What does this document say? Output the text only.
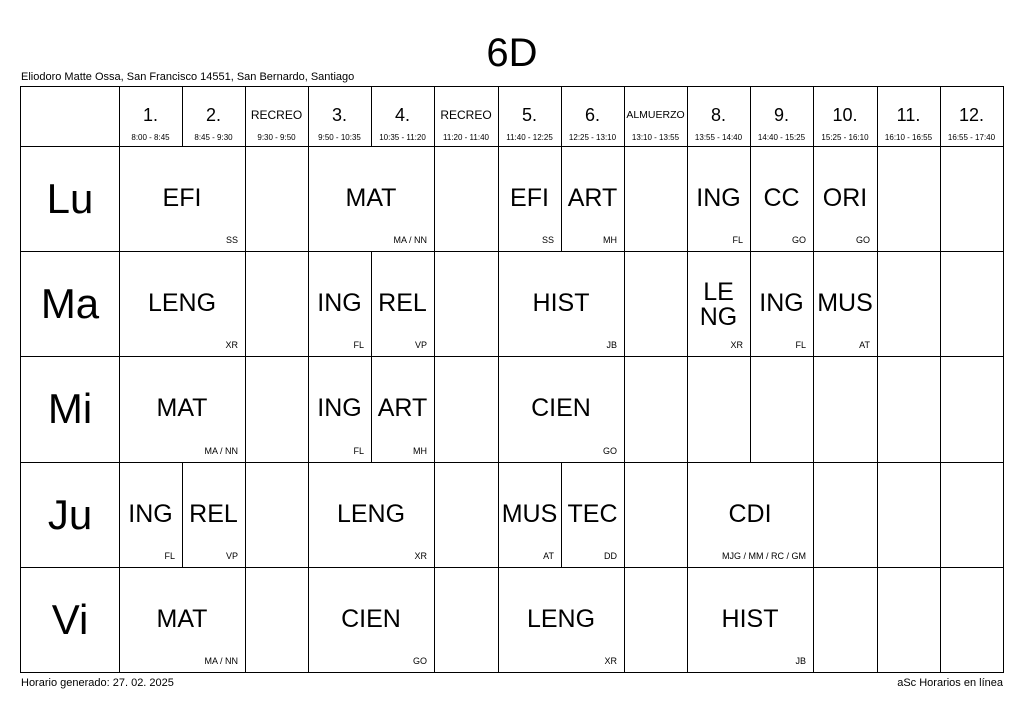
6D
Eliodoro Matte Ossa, San Francisco 14551, San Bernardo, Santiago
1.
8:00 - 8:45
2.
8:45 - 9:30
RECREO
9:30 - 9:50
3.
9:50 - 10:35
4.
10:35 - 11:20
RECREO
11:20 - 11:40
5.
11:40 - 12:25
6.
12:25 - 13:10
ALMUERZO
13:10 - 13:55
8.
13:55 - 14:40
9.
14:40 - 15:25
10.
15:25 - 16:10
11.
16:10 - 16:55
12.
16:55 - 17:40
Lu
Ma
Mi
Ju
Vi
EFI
SS
MAT
MA / NN
EFI
SS
ART
MH
ING
FL
CC
GO
ORI
GO
LENG
XR
ING
FL
REL
VP
HIST
JB
LENG
XR
ING
FL
MUS
AT
MAT
MA / NN
ING
FL
ART
MH
CIEN
GO
ING
FL
REL
VP
LENG
XR
MUS
AT
TEC
DD
CDI
MJG / MM / RC / GM
MAT
MA / NN
CIEN
GO
LENG
XR
HIST
JB
Horario generado: 27. 02. 2025	aSc Horarios en línea
